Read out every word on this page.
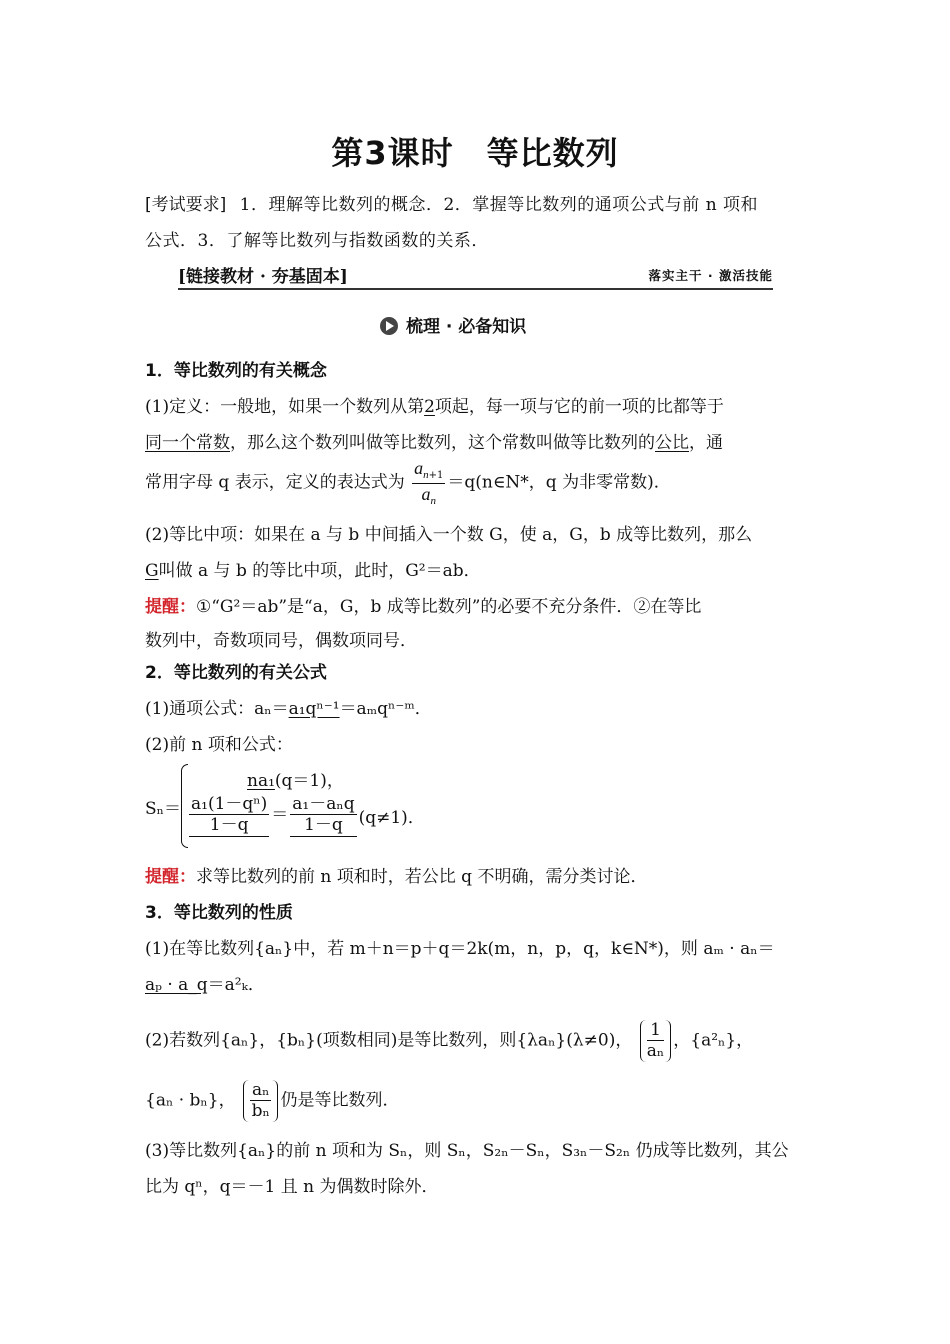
第3课时　等比数列
[考试要求] 1．理解等比数列的概念．2．掌握等比数列的通项公式与前 n 项和
公式．3．了解等比数列与指数函数的关系．
[链接教材 · 夯基固本]	落实主干 · 激活技能
梳理 · 必备知识
1．等比数列的有关概念
(1)定义：一般地，如果一个数列从第2项起，每一项与它的前一项的比都等于
同一个常数，那么这个数列叫做等比数列，这个常数叫做等比数列的公比，通
常用字母 q 表示，定义的表达式为 $\frac{a_{n+1}}{a_n}$ ＝q(n∈N*，q 为非零常数)．
(2)等比中项：如果在 a 与 b 中间插入一个数 G，使 a，G，b 成等比数列，那么
G叫做 a 与 b 的等比中项，此时，G²＝ab．
提醒：①“G²＝ab”是“a，G，b 成等比数列”的必要不充分条件．②在等比
数列中，奇数项同号，偶数项同号．
2．等比数列的有关公式
(1)通项公式：aₙ＝a₁qⁿ⁻¹＝aₘqⁿ⁻ᵐ．
(2)前 n 项和公式：
Sₙ＝
na₁(q＝1)，
$\frac{\text{a₁(1－qⁿ)}}{1-q} = \frac{\text{a₁－aₙq}}{1-q} (q\ne 1)$．
提醒：求等比数列的前 n 项和时，若公比 q 不明确，需分类讨论．
3．等比数列的性质
(1)在等比数列{aₙ}中，若 m＋n＝p＋q＝2k(m，n，p，q，k∈N*)，则 aₘ · aₙ＝
aₚ · a_q＝a²ₖ．
(2)若数列{aₙ}，{bₙ}(项数相同)是等比数列，则{λaₙ}(λ≠0)， $\frac{1}{\text{aₙ}}$ ，{a²ₙ}，
{aₙ · bₙ}， $\frac{\text{aₙ}}{\text{bₙ}}$ 仍是等比数列．
(3)等比数列{aₙ}的前 n 项和为 Sₙ，则 Sₙ，S₂ₙ－Sₙ，S₃ₙ－S₂ₙ 仍成等比数列，其公
比为 qⁿ，q＝－1 且 n 为偶数时除外．
